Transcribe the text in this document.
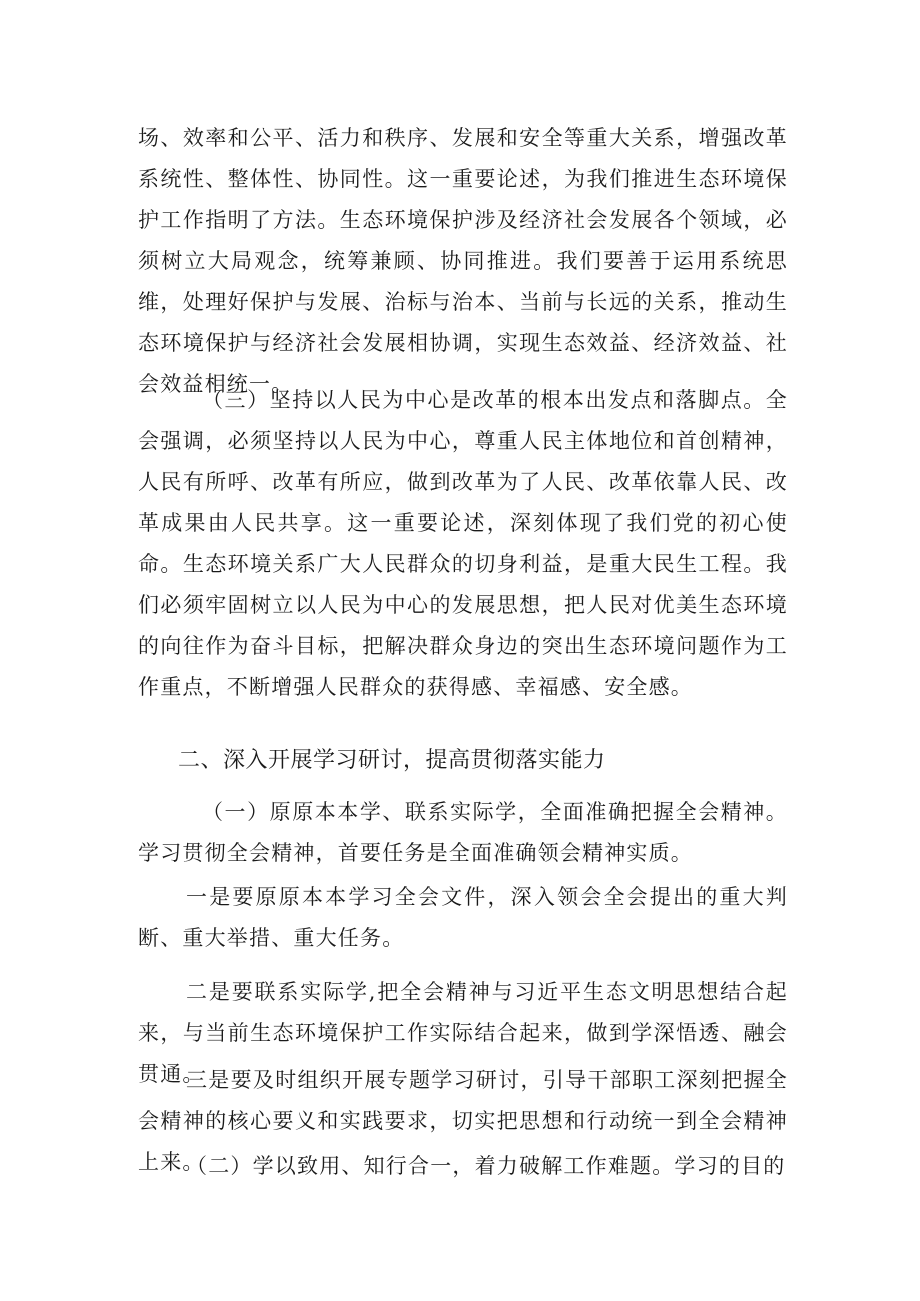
场、效率和公平、活力和秩序、发展和安全等重大关系，增强改革系统性、整体性、协同性。这一重要论述，为我们推进生态环境保护工作指明了方法。生态环境保护涉及经济社会发展各个领域，必须树立大局观念，统筹兼顾、协同推进。我们要善于运用系统思维，处理好保护与发展、治标与治本、当前与长远的关系，推动生态环境保护与经济社会发展相协调，实现生态效益、经济效益、社会效益相统一。

（三）坚持以人民为中心是改革的根本出发点和落脚点。全会强调，必须坚持以人民为中心，尊重人民主体地位和首创精神，人民有所呼、改革有所应，做到改革为了人民、改革依靠人民、改革成果由人民共享。这一重要论述，深刻体现了我们党的初心使命。生态环境关系广大人民群众的切身利益，是重大民生工程。我们必须牢固树立以人民为中心的发展思想，把人民对优美生态环境的向往作为奋斗目标，把解决群众身边的突出生态环境问题作为工作重点，不断增强人民群众的获得感、幸福感、安全感。

二、深入开展学习研讨，提高贯彻落实能力

（一）原原本本学、联系实际学，全面准确把握全会精神。学习贯彻全会精神，首要任务是全面准确领会精神实质。

一是要原原本本学习全会文件，深入领会全会提出的重大判断、重大举措、重大任务。

二是要联系实际学,把全会精神与习近平生态文明思想结合起来，与当前生态环境保护工作实际结合起来，做到学深悟透、融会贯通。

三是要及时组织开展专题学习研讨，引导干部职工深刻把握全会精神的核心要义和实践要求，切实把思想和行动统一到全会精神上来。

（二）学以致用、知行合一，着力破解工作难题。学习的目的
